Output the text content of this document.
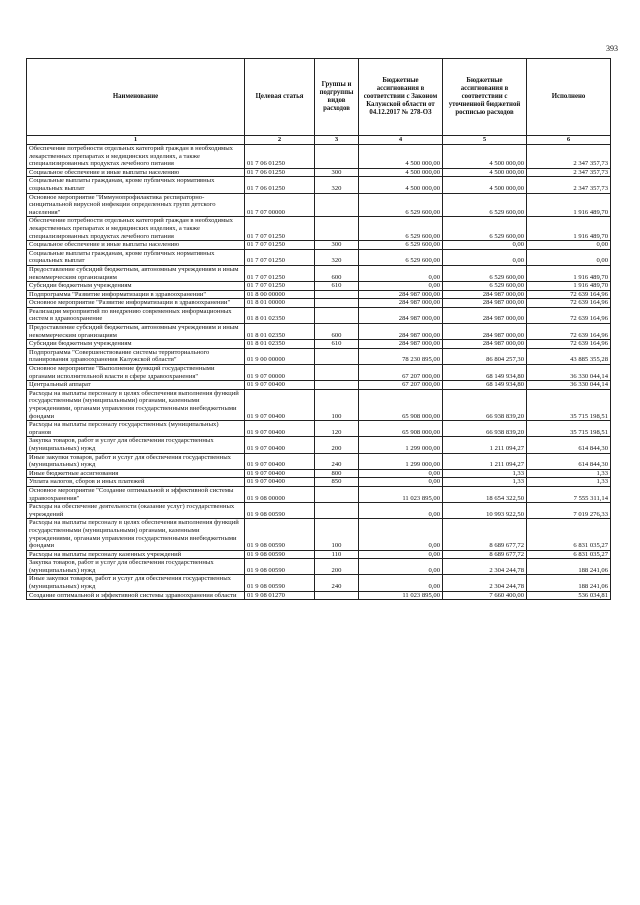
393
Наименование	Целевая статья	Группы и подгруппы видов расходов	Бюджетные ассигнования в соответствии с Законом Калужской области от 04.12.2017 № 278-ОЗ	Бюджетные ассигнования в соответствии с уточненной бюджетной росписью расходов	Исполнено
1	2	3	4	5	6
Обеспечение потребности отдельных категорий граждан в необходимых лекарственных препаратах и медицинских изделиях, а также специализированных продуктах лечебного питания	01 7 06 01250		4 500 000,00	4 500 000,00	2 347 357,73
Социальное обеспечение и иные выплаты населению	01 7 06 01250	300	4 500 000,00	4 500 000,00	2 347 357,73
Социальные выплаты гражданам, кроме публичных нормативных социальных выплат	01 7 06 01250	320	4 500 000,00	4 500 000,00	2 347 357,73
Основное мероприятие "Иммунопрофилактика респираторно-синцитиальной вирусной инфекции определенных групп детского населения"	01 7 07 00000		6 529 600,00	6 529 600,00	1 916 489,70
Обеспечение потребности отдельных категорий граждан в необходимых лекарственных препаратах и медицинских изделиях, а также специализированных продуктах лечебного питания	01 7 07 01250		6 529 600,00	6 529 600,00	1 916 489,70
Социальное обеспечение и иные выплаты населению	01 7 07 01250	300	6 529 600,00	0,00	0,00
Социальные выплаты гражданам, кроме публичных нормативных социальных выплат	01 7 07 01250	320	6 529 600,00	0,00	0,00
Предоставление субсидий бюджетным, автономным учреждениям и иным некоммерческим организациям	01 7 07 01250	600	0,00	6 529 600,00	1 916 489,70
Субсидии бюджетным учреждениям	01 7 07 01250	610	0,00	6 529 600,00	1 916 489,70
Подпрограмма "Развитие информатизации в здравоохранении"	01 8 00 00000		284 987 000,00	284 987 000,00	72 639 164,96
Основное мероприятие "Развитие информатизации в здравоохранении"	01 8 01 00000		284 987 000,00	284 987 000,00	72 639 164,96
Реализация мероприятий по внедрению современных информационных систем в здравоохранение	01 8 01 02350		284 987 000,00	284 987 000,00	72 639 164,96
Предоставление субсидий бюджетным, автономным учреждениям и иным некоммерческим организациям	01 8 01 02350	600	284 987 000,00	284 987 000,00	72 639 164,96
Субсидии бюджетным учреждениям	01 8 01 02350	610	284 987 000,00	284 987 000,00	72 639 164,96
Подпрограмма "Совершенствование системы территориального планирования здравоохранения Калужской области"	01 9 00 00000		78 230 895,00	86 804 257,30	43 885 355,28
Основное мероприятие "Выполнение функций государственными органами исполнительной власти в сфере здравоохранения"	01 9 07 00000		67 207 000,00	68 149 934,80	36 330 044,14
Центральный аппарат	01 9 07 00400		67 207 000,00	68 149 934,80	36 330 044,14
Расходы на выплаты персоналу в целях обеспечения выполнения функций государственными (муниципальными) органами, казенными учреждениями, органами управления государственными внебюджетными фондами	01 9 07 00400	100	65 908 000,00	66 938 839,20	35 715 198,51
Расходы на выплаты персоналу государственных (муниципальных) органов	01 9 07 00400	120	65 908 000,00	66 938 839,20	35 715 198,51
Закупка товаров, работ и услуг для обеспечения государственных (муниципальных) нужд	01 9 07 00400	200	1 299 000,00	1 211 094,27	614 844,30
Иные закупки товаров, работ и услуг для обеспечения государственных (муниципальных) нужд	01 9 07 00400	240	1 299 000,00	1 211 094,27	614 844,30
Иные бюджетные ассигнования	01 9 07 00400	800	0,00	1,33	1,33
Уплата налогов, сборов и иных платежей	01 9 07 00400	850	0,00	1,33	1,33
Основное мероприятие "Создание оптимальной и эффективной системы здравоохранения"	01 9 08 00000		11 023 895,00	18 654 322,50	7 555 311,14
Расходы на обеспечение деятельности (оказание услуг) государственных учреждений	01 9 08 00590		0,00	10 993 922,50	7 019 276,33
Расходы на выплаты персоналу в целях обеспечения выполнения функций государственными (муниципальными) органами, казенными учреждениями, органами управления государственными внебюджетными фондами	01 9 08 00590	100	0,00	8 689 677,72	6 831 035,27
Расходы на выплаты персоналу казенных учреждений	01 9 08 00590	110	0,00	8 689 677,72	6 831 035,27
Закупка товаров, работ и услуг для обеспечения государственных (муниципальных) нужд	01 9 08 00590	200	0,00	2 304 244,78	188 241,06
Иные закупки товаров, работ и услуг для обеспечения государственных (муниципальных) нужд	01 9 08 00590	240	0,00	2 304 244,78	188 241,06
Создание оптимальной и эффективной системы здравоохранения области	01 9 08 01270		11 023 895,00	7 660 400,00	536 034,81
